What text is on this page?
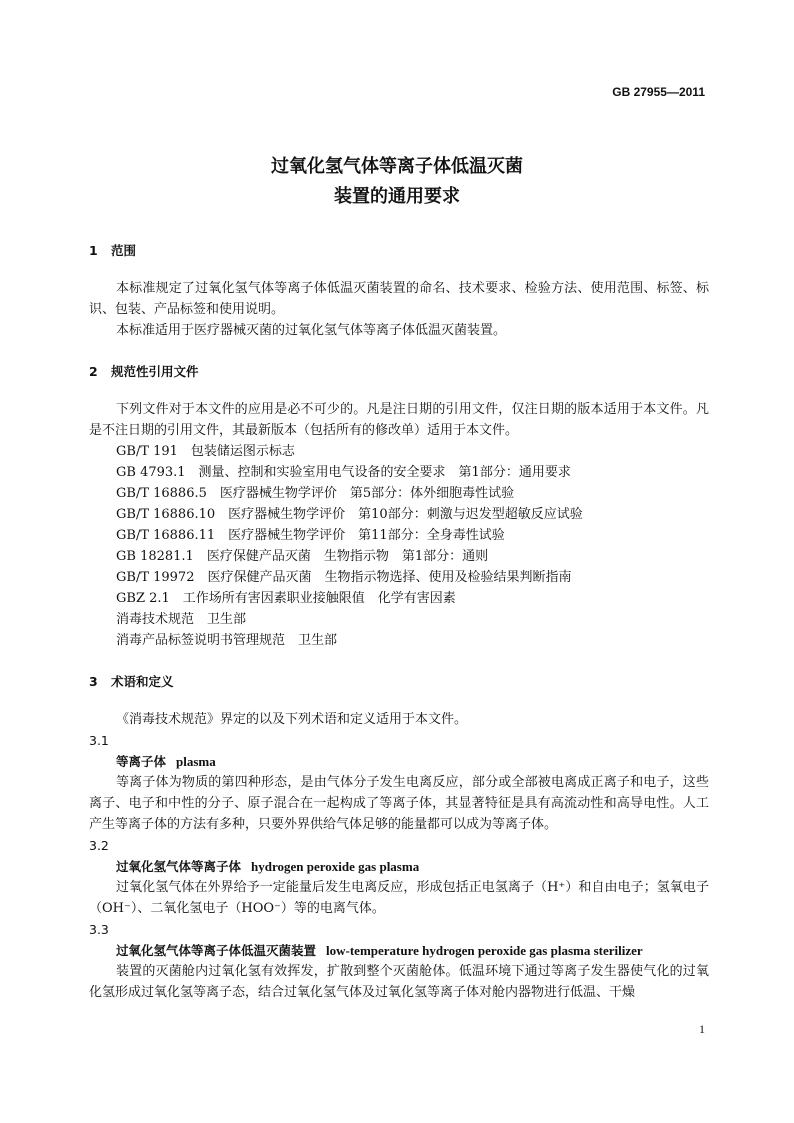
GB 27955—2011
过氧化氢气体等离子体低温灭菌
装置的通用要求
1 范围
本标准规定了过氧化氢气体等离子体低温灭菌装置的命名、技术要求、检验方法、使用范围、标签、标识、包装、产品标签和使用说明。
本标准适用于医疗器械灭菌的过氧化氢气体等离子体低温灭菌装置。
2 规范性引用文件
下列文件对于本文件的应用是必不可少的。凡是注日期的引用文件，仅注日期的版本适用于本文件。凡是不注日期的引用文件，其最新版本（包括所有的修改单）适用于本文件。
GB/T 191　包装储运图示标志
GB 4793.1　测量、控制和实验室用电气设备的安全要求　第1部分：通用要求
GB/T 16886.5　医疗器械生物学评价　第5部分：体外细胞毒性试验
GB/T 16886.10　医疗器械生物学评价　第10部分：刺激与迟发型超敏反应试验
GB/T 16886.11　医疗器械生物学评价　第11部分：全身毒性试验
GB 18281.1　医疗保健产品灭菌　生物指示物　第1部分：通则
GB/T 19972　医疗保健产品灭菌　生物指示物选择、使用及检验结果判断指南
GBZ 2.1　工作场所有害因素职业接触限值　化学有害因素
消毒技术规范　卫生部
消毒产品标签说明书管理规范　卫生部
3 术语和定义
《消毒技术规范》界定的以及下列术语和定义适用于本文件。
3.1
等离子体 plasma
等离子体为物质的第四种形态，是由气体分子发生电离反应，部分或全部被电离成正离子和电子，这些离子、电子和中性的分子、原子混合在一起构成了等离子体，其显著特征是具有高流动性和高导电性。人工产生等离子体的方法有多种，只要外界供给气体足够的能量都可以成为等离子体。
3.2
过氧化氢气体等离子体 hydrogen peroxide gas plasma
过氧化氢气体在外界给予一定能量后发生电离反应，形成包括正电氢离子（H⁺）和自由电子；氢氧电子（OH⁻）、二氧化氢电子（HOO⁻）等的电离气体。
3.3
过氧化氢气体等离子体低温灭菌装置 low-temperature hydrogen peroxide gas plasma sterilizer
装置的灭菌舱内过氧化氢有效挥发，扩散到整个灭菌舱体。低温环境下通过等离子发生器使气化的过氧化氢形成过氧化氢等离子态，结合过氧化氢气体及过氧化氢等离子体对舱内器物进行低温、干燥
1
